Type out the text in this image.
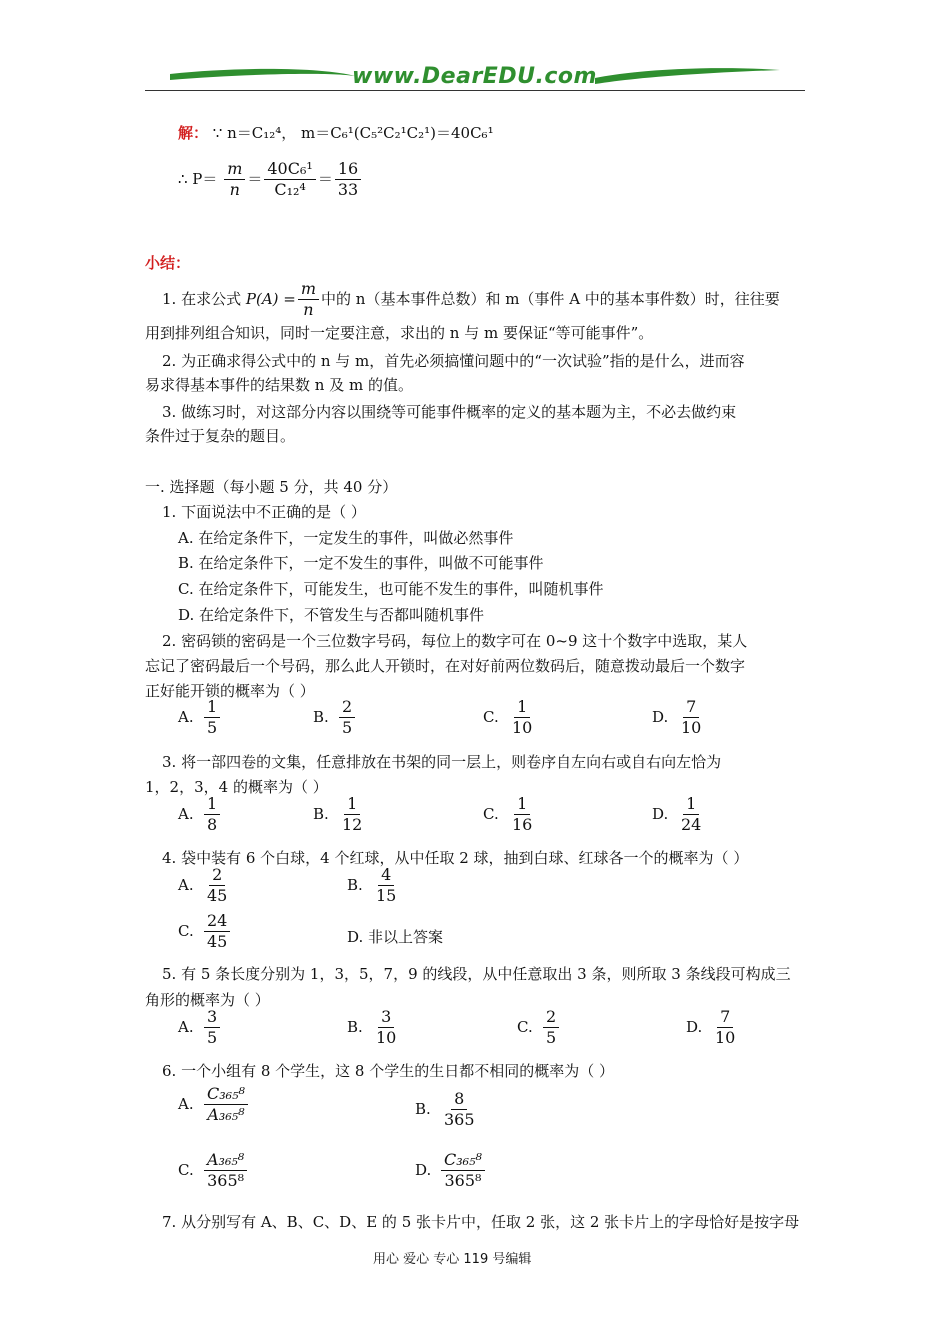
www.DearEDU.com
解： ∵ n＝C₁₂⁴， m＝C₆¹(C₅²C₂¹C₂¹)＝40C₆¹
∴ $P= \frac{m}{n} = \frac{\text{40C₆¹}}{\text{C₁₂⁴}} = \frac{16}{33}$
小结：
1. 在求公式 $P(A) = \frac{m}{n}$ 中的 n（基本事件总数）和 m（事件 A 中的基本事件数）时，往往要
用到排列组合知识，同时一定要注意，求出的 n 与 m 要保证“等可能事件”。
2. 为正确求得公式中的 n 与 m，首先必须搞懂问题中的“一次试验”指的是什么，进而容
易求得基本事件的结果数 n 及 m 的值。
3. 做练习时，对这部分内容以围绕等可能事件概率的定义的基本题为主，不必去做约束
条件过于复杂的题目。
一. 选择题（每小题 5 分，共 40 分）
1. 下面说法中不正确的是（ ）
A. 在给定条件下，一定发生的事件，叫做必然事件
B. 在给定条件下，一定不发生的事件，叫做不可能事件
C. 在给定条件下，可能发生，也可能不发生的事件，叫随机事件
D. 在给定条件下，不管发生与否都叫随机事件
2. 密码锁的密码是一个三位数字号码，每位上的数字可在 0~9 这十个数字中选取，某人
忘记了密码最后一个号码，那么此人开锁时，在对好前两位数码后，随意拨动最后一个数字
正好能开锁的概率为（ ）
A. $\frac{1}{5}$	B. $\frac{2}{5}$	C. $\frac{1}{10}$	D. $\frac{7}{10}$
3. 将一部四卷的文集，任意排放在书架的同一层上，则卷序自左向右或自右向左恰为
1，2，3，4 的概率为（ ）
A. $\frac{1}{8}$	B. $\frac{1}{12}$	C. $\frac{1}{16}$	D. $\frac{1}{24}$
4. 袋中装有 6 个白球，4 个红球，从中任取 2 球，抽到白球、红球各一个的概率为（ ）
A. $\frac{2}{45}$	B. $\frac{4}{15}$
C. $\frac{24}{45}$	D. 非以上答案
5. 有 5 条长度分别为 1，3，5，7，9 的线段，从中任意取出 3 条，则所取 3 条线段可构成三
角形的概率为（ ）
A. $\frac{3}{5}$	B. $\frac{3}{10}$	C. $\frac{2}{5}$	D. $\frac{7}{10}$
6. 一个小组有 8 个学生，这 8 个学生的生日都不相同的概率为（ ）
A. $\frac{\text{C₃₆₅⁸}}{\text{A₃₆₅⁸}}$	B. $\frac{8}{365}$
C. $\frac{\text{A₃₆₅⁸}}{\text{365⁸}}$	D. $\frac{\text{C₃₆₅⁸}}{\text{365⁸}}$
7. 从分别写有 A、B、C、D、E 的 5 张卡片中，任取 2 张，这 2 张卡片上的字母恰好是按字母
用心 爱心 专心 119 号编辑
